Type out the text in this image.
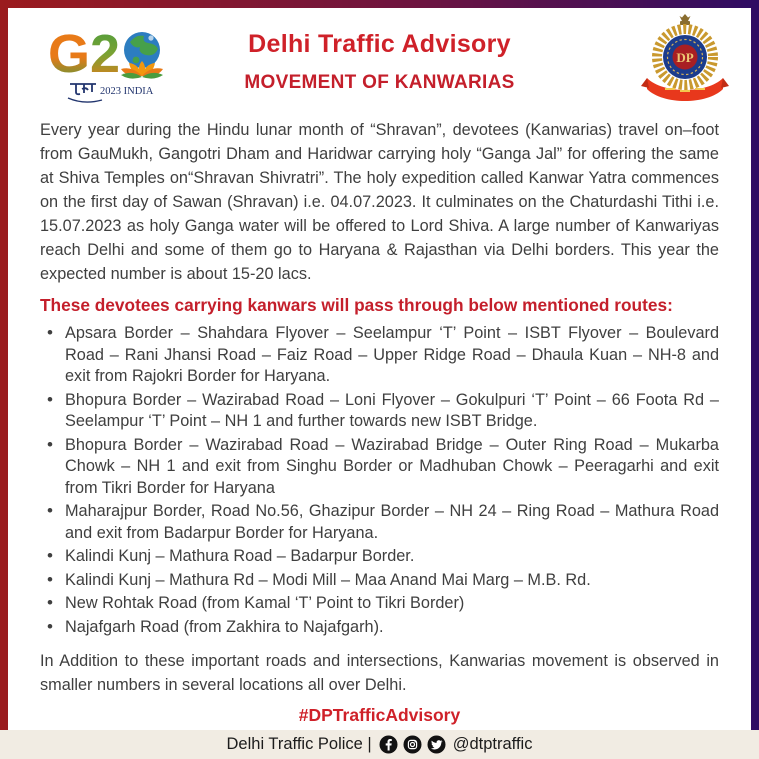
G 2
2023 INDIA
Delhi Traffic Advisory
MOVEMENT OF KANWARIAS
DP
Every year during the Hindu lunar month of “Shravan”, devotees (Kanwarias) travel on–foot from GauMukh, Gangotri Dham and Haridwar carrying holy “Ganga Jal” for offering the same at Shiva Temples on“Shravan Shivratri”. The holy expedition called Kanwar Yatra commences on the first day of Sawan (Shravan) i.e. 04.07.2023. It culminates on the Chaturdashi Tithi i.e. 15.07.2023 as holy Ganga water will be offered to Lord Shiva. A large number of Kanwariyas reach Delhi and some of them go to Haryana & Rajasthan via Delhi borders. This year the expected number is about 15-20 lacs.
These devotees carrying kanwars will pass through below mentioned routes:
• Apsara Border – Shahdara Flyover – Seelampur ‘T’ Point – ISBT Flyover – Boulevard Road – Rani Jhansi Road – Faiz Road – Upper Ridge Road – Dhaula Kuan – NH-8 and exit from Rajokri Border for Haryana.
• Bhopura Border – Wazirabad Road – Loni Flyover – Gokulpuri ‘T’ Point – 66 Foota Rd – Seelampur ‘T’ Point – NH 1 and further towards new ISBT Bridge.
• Bhopura Border – Wazirabad Road – Wazirabad Bridge – Outer Ring Road – Mukarba Chowk – NH 1 and exit from Singhu Border or Madhuban Chowk – Peeragarhi and exit from Tikri Border for Haryana
• Maharajpur Border, Road No.56, Ghazipur Border – NH 24 – Ring Road – Mathura Road and exit from Badarpur Border for Haryana.
• Kalindi Kunj – Mathura Road – Badarpur Border.
• Kalindi Kunj – Mathura Rd – Modi Mill – Maa Anand Mai Marg – M.B. Rd.
• New Rohtak Road (from Kamal ‘T’ Point to Tikri Border)
• Najafgarh Road (from Zakhira to Najafgarh).
In Addition to these important roads and intersections, Kanwarias movement is observed in smaller numbers in several locations all over Delhi.
#DPTrafficAdvisory
Delhi Traffic Police |	@dtptraffic
